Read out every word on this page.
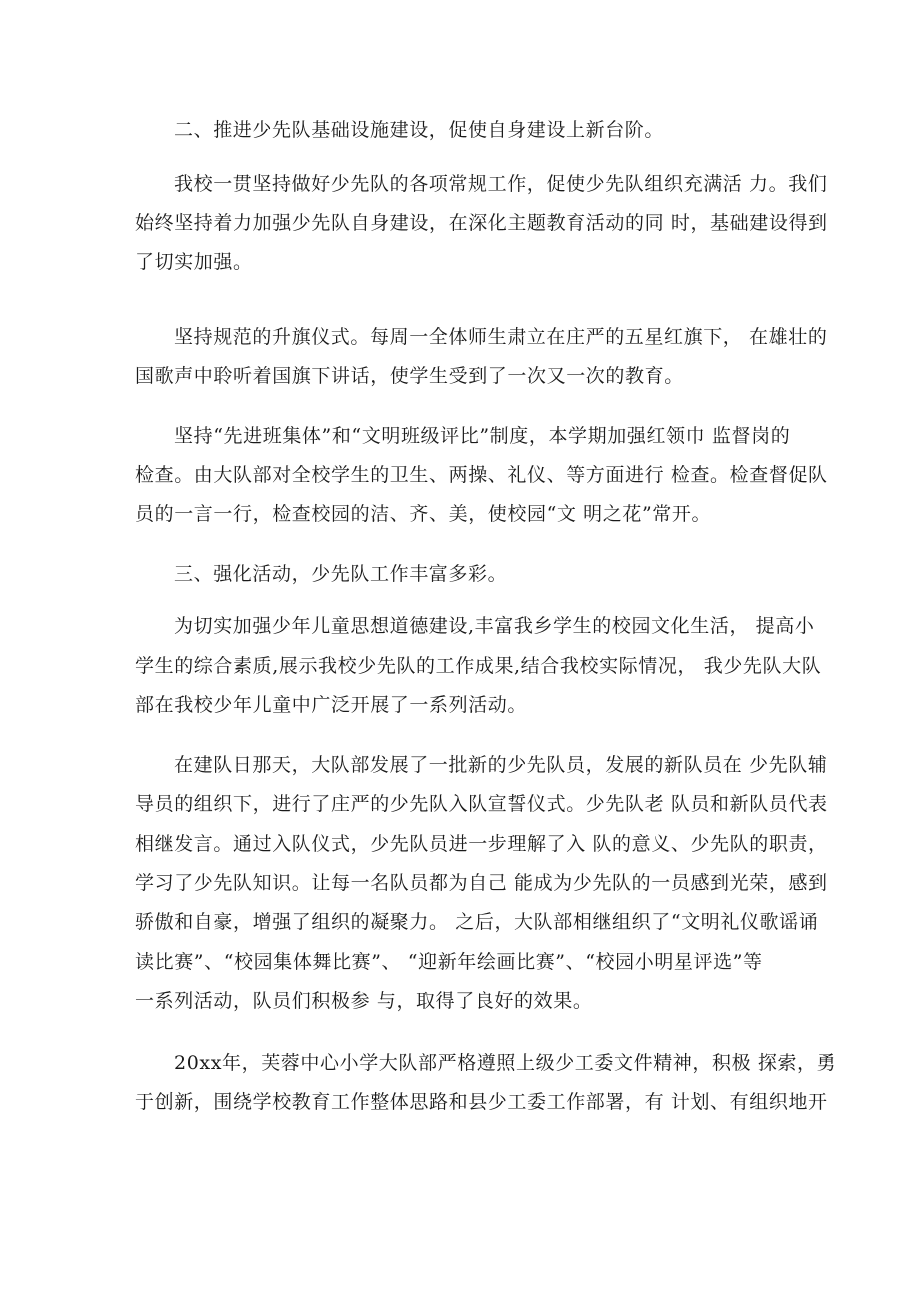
二、推进少先队基础设施建设，促使自身建设上新台阶。
我校一贯坚持做好少先队的各项常规工作，促使少先队组织充满活 力。我们
始终坚持着力加强少先队自身建设，在深化主题教育活动的同 时，基础建设得到
了切实加强。
坚持规范的升旗仪式。每周一全体师生肃立在庄严的五星红旗下， 在雄壮的
国歌声中聆听着国旗下讲话，使学生受到了一次又一次的教育。
坚持“先进班集体”和“文明班级评比”制度，本学期加强红领巾 监督岗的
检查。由大队部对全校学生的卫生、两操、礼仪、等方面进行 检查。检查督促队
员的一言一行，检查校园的洁、齐、美，使校园“文 明之花”常开。
三、强化活动，少先队工作丰富多彩。
为切实加强少年儿童思想道德建设,丰富我乡学生的校园文化生活， 提高小
学生的综合素质,展示我校少先队的工作成果,结合我校实际情况， 我少先队大队
部在我校少年儿童中广泛开展了一系列活动。
在建队日那天，大队部发展了一批新的少先队员，发展的新队员在 少先队辅
导员的组织下，进行了庄严的少先队入队宣誓仪式。少先队老 队员和新队员代表
相继发言。通过入队仪式，少先队员进一步理解了入 队的意义、少先队的职责，
学习了少先队知识。让每一名队员都为自己 能成为少先队的一员感到光荣，感到
骄傲和自豪，增强了组织的凝聚力。 之后，大队部相继组织了“文明礼仪歌谣诵
读比赛”、“校园集体舞比赛”、 “迎新年绘画比赛”、“校园小明星评选”等
一系列活动，队员们积极参 与，取得了良好的效果。
20xx年，芙蓉中心小学大队部严格遵照上级少工委文件精神，积极 探索，勇
于创新，围绕学校教育工作整体思路和县少工委工作部署，有 计划、有组织地开
